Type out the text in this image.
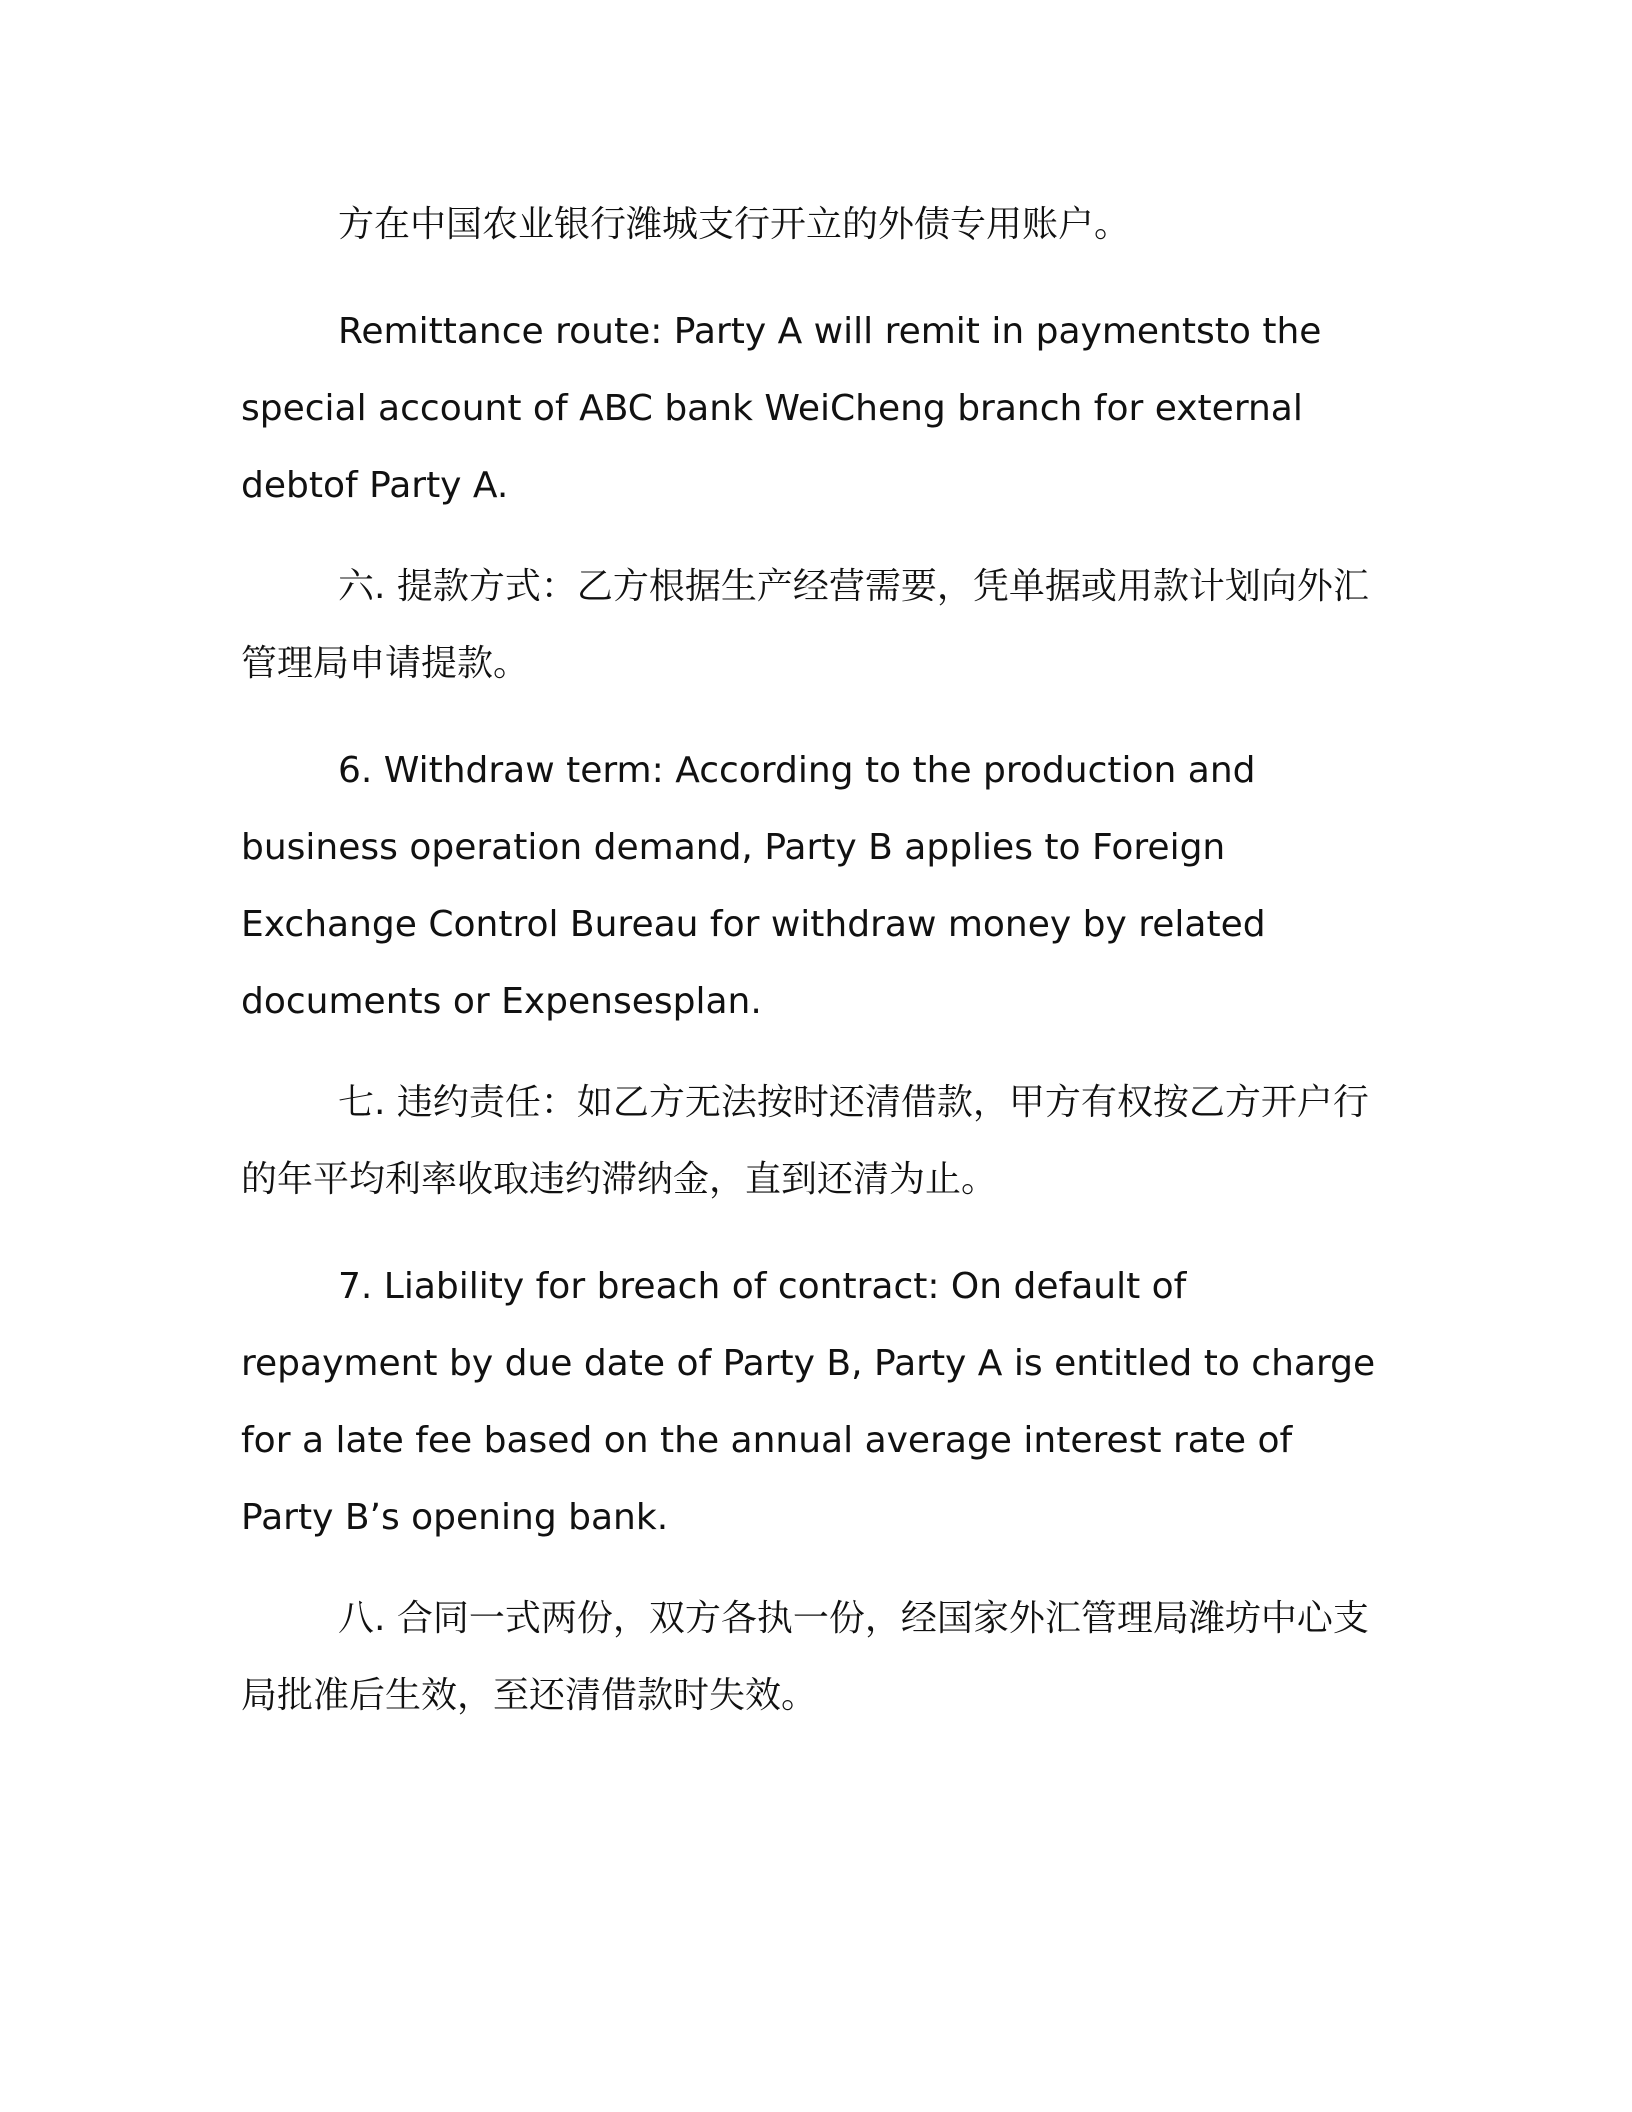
方在中国农业银行潍城支行开立的外债专用账户。

Remittance route: Party A will remit in paymentsto the special account of ABC bank WeiCheng branch for external debtof Party A.

六. 提款方式：乙方根据生产经营需要，凭单据或用款计划向外汇管理局申请提款。

6. Withdraw term: According to the production and business operation demand, Party B applies to Foreign Exchange Control Bureau for withdraw money by related documents or Expensesplan.

七. 违约责任：如乙方无法按时还清借款，甲方有权按乙方开户行的年平均利率收取违约滞纳金，直到还清为止。

7. Liability for breach of contract: On default of repayment by due date of Party B, Party A is entitled to charge for a late fee based on the annual average interest rate of Party B’s opening bank.

八. 合同一式两份，双方各执一份，经国家外汇管理局潍坊中心支局批准后生效，至还清借款时失效。
